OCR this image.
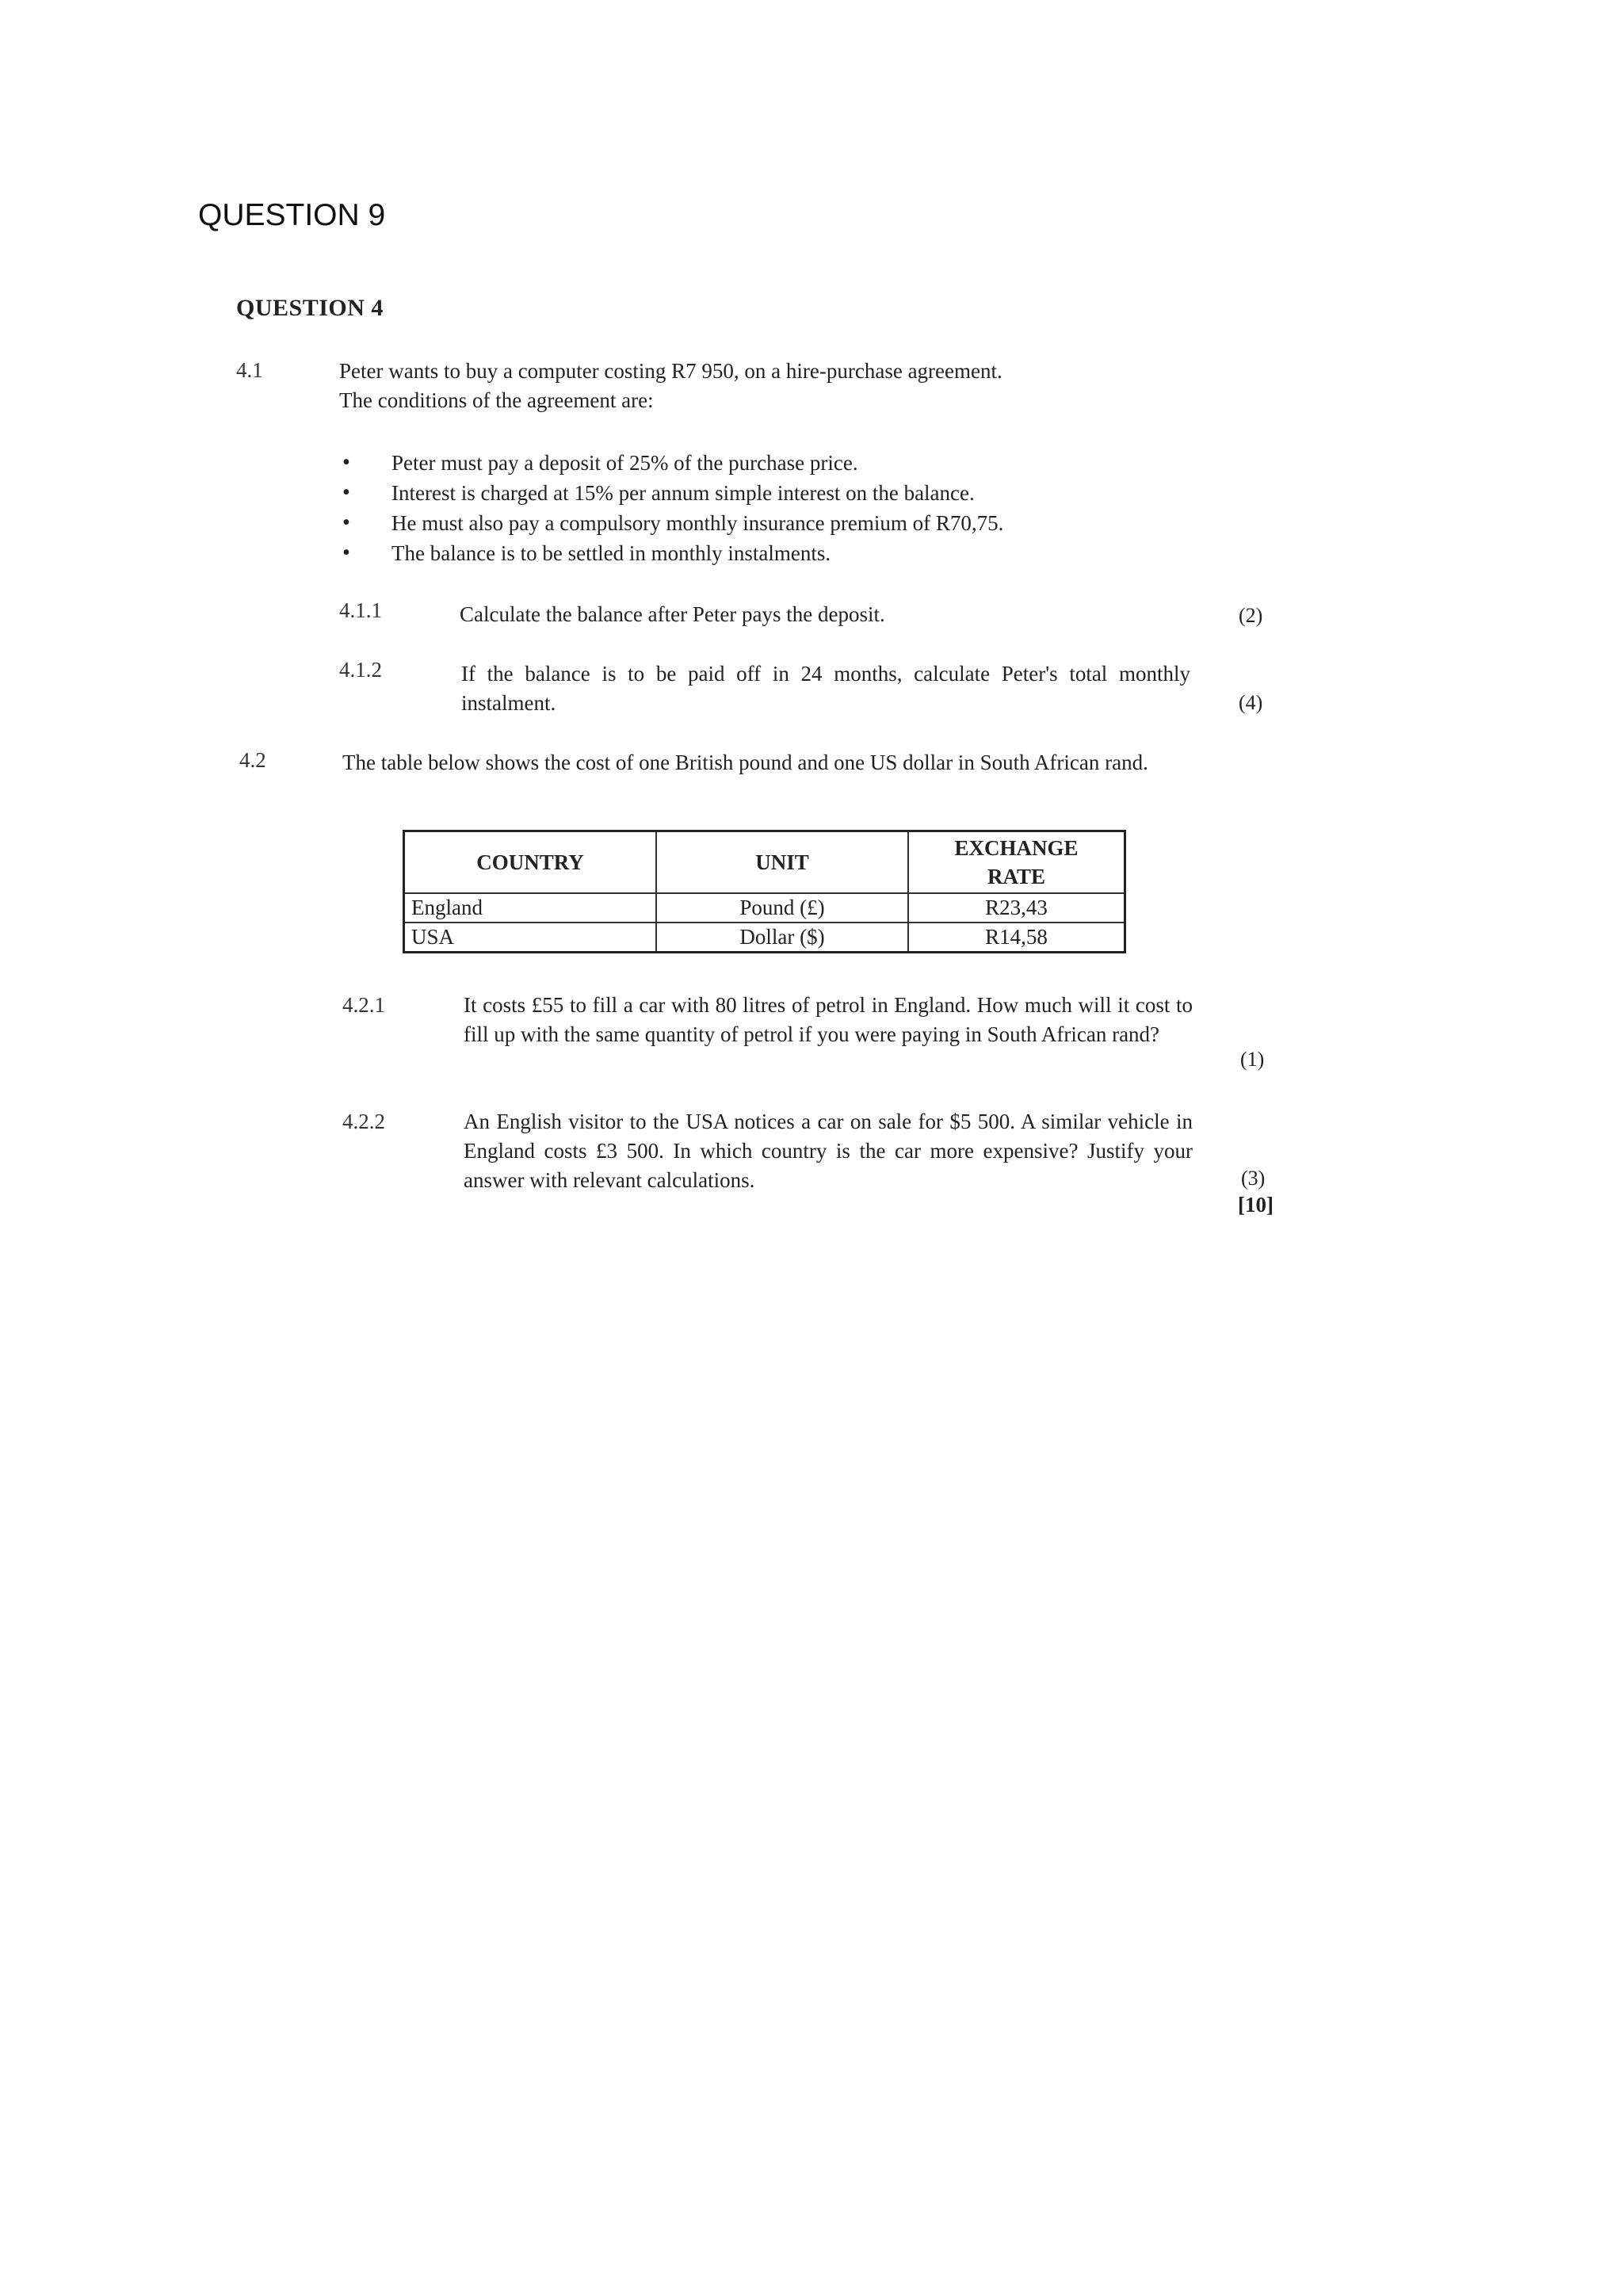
QUESTION 9
QUESTION 4
4.1	Peter wants to buy a computer costing R7 950, on a hire-purchase agreement.
The conditions of the agreement are:
• Peter must pay a deposit of 25% of the purchase price.
• Interest is charged at 15% per annum simple interest on the balance.
• He must also pay a compulsory monthly insurance premium of R70,75.
• The balance is to be settled in monthly instalments.
4.1.1	Calculate the balance after Peter pays the deposit.	(2)
4.1.2	If the balance is to be paid off in 24 months, calculate Peter's total monthly instalment.	(4)
4.2	The table below shows the cost of one British pound and one US dollar in South African rand.
COUNTRY	UNIT	EXCHANGE
RATE

England	Pound (£)	R23,43
USA	Dollar ($)	R14,58
4.2.1	It costs £55 to fill a car with 80 litres of petrol in England. How much will it cost to fill up with the same quantity of petrol if you were paying in South African rand?
(1)
4.2.2	An English visitor to the USA notices a car on sale for $5 500. A similar vehicle in England costs £3 500. In which country is the car more expensive? Justify your answer with relevant calculations.	(3)
[10]
